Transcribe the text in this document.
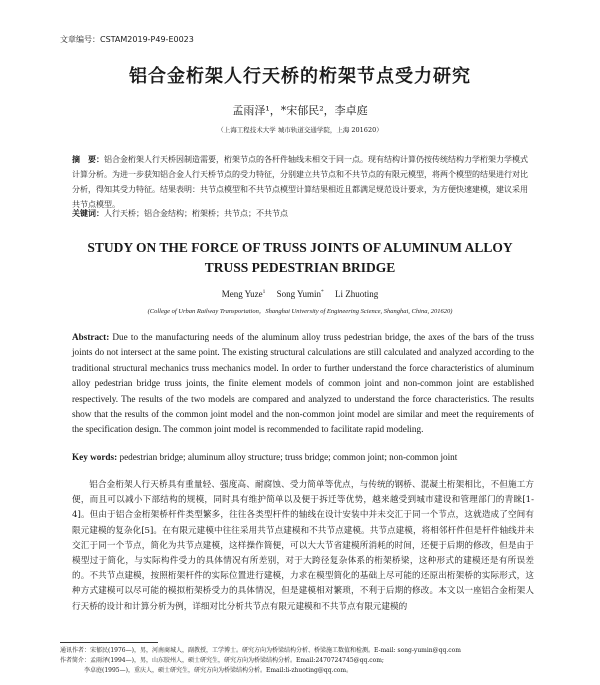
文章编号：CSTAM2019-P49-E0023
铝合金桁架人行天桥的桁架节点受力研究
孟雨泽¹，*宋郁民²，李卓庭
（上海工程技术大学 城市轨道交通学院，上海 201620）
摘　要：铝合金桁架人行天桥因制造需要，桁架节点的各杆件轴线未相交于同一点。现有结构计算仍按传统结构力学桁架力学模式计算分析。为进一步获知铝合金人行天桥节点的受力特征，分别建立共节点和不共节点的有限元模型，将两个模型的结果进行对比分析，得知其受力特征。结果表明：共节点模型和不共节点模型计算结果相近且都满足规范设计要求，为方便快速建模，建议采用共节点模型。
关键词：人行天桥；铝合金结构；桁架桥；共节点；不共节点
STUDY ON THE FORCE OF TRUSS JOINTS OF ALUMINUM ALLOY
TRUSS PEDESTRIAN BRIDGE
Meng Yuze$^1$ Song Yumin* Li Zhuoting
(College of Urban Railway Transportation，Shanghai University of Engineering Science, Shanghai, China, 201620)
Abstract: Due to the manufacturing needs of the aluminum alloy truss pedestrian bridge, the axes of the bars of the truss joints do not intersect at the same point. The existing structural calculations are still calculated and analyzed according to the traditional structural mechanics truss mechanics model. In order to further understand the force characteristics of aluminum alloy pedestrian bridge truss joints, the finite element models of common joint and non-common joint are established respectively. The results of the two models are compared and analyzed to understand the force characteristics. The results show that the results of the common joint model and the non-common joint model are similar and meet the requirements of the specification design. The common joint model is recommended to facilitate rapid modeling.
Key words: pedestrian bridge; aluminum alloy structure; truss bridge; common joint; non-common joint
铝合金桁架人行天桥具有重量轻、强度高、耐腐蚀、受力简单等优点，与传统的钢桥、混凝土桁架相比，不但施工方便，而且可以减小下部结构的规模，同时具有维护简单以及便于拆迁等优势，越来越受到城市建设和管理部门的青睐[1-4]。但由于铝合金桁架桥杆件类型繁多，往往各类型杆件的轴线在设计安装中并未交汇于同一个节点，这就造成了空间有限元建模的复杂化[5]。在有限元建模中往往采用共节点建模和不共节点建模。共节点建模，将相邻杆件但是杆件轴线并未交汇于同一个节点，简化为共节点建模，这样操作简便，可以大大节省建模所消耗的时间，还便于后期的修改，但是由于模型过于简化，与实际构件受力的具体情况有所差别，对于大跨径复杂体系的桁架桥梁，这种形式的建模还是有所误差的。不共节点建模，按照桁架杆件的实际位置进行建模，力求在模型简化的基础上尽可能的还原出桁架桥的实际形式，这种方式建模可以尽可能的模拟桁架桥受力的具体情况，但是建模相对繁琐，不利于后期的修改。本文以一座铝合金桁架人行天桥的设计和计算分析为例，详细对比分析共节点有限元建模和不共节点有限元建模的
通讯作者：宋郁民(1976—)，男，河南商城人，副教授，工学博士。研究方向为桥梁结构分析、桥梁施工数值和检测。E-mail: song-yumin@qq.com
作者简介：孟雨泽(1994—)，男，山东胶州人，硕士研究生，研究方向为桥梁结构分析。Email:2470724745@qq.com;
李卓庭(1995—)，重庆人，硕士研究生，研究方向为桥梁结构分析。Email:li-zhuoting@qq.com。
